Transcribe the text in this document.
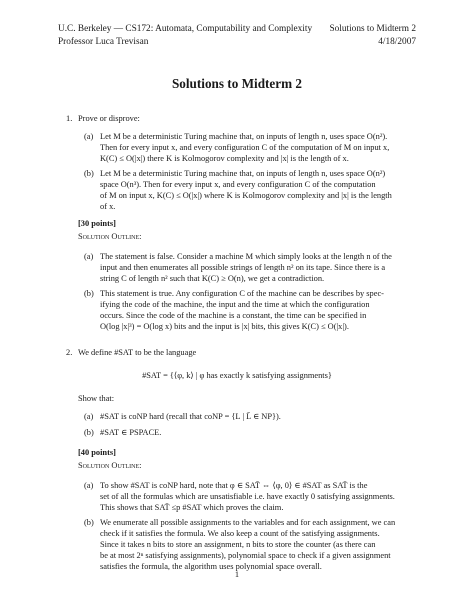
U.C. Berkeley — CS172: Automata, Computability and Complexity
Professor Luca Trevisan
Solutions to Midterm 2
4/18/2007
Solutions to Midterm 2
1. Prove or disprove:
(a) Let M be a deterministic Turing machine that, on inputs of length n, uses space O(n²).
Then for every input x, and every configuration C of the computation of M on input x,
K(C) ≤ O(|x|) there K is Kolmogorov complexity and |x| is the length of x.
(b) Let M be a deterministic Turing machine that, on inputs of length n, uses space O(n²)
space O(n³). Then for every input x, and every configuration C of the computation
of M on input x, K(C) ≤ O(|x|) where K is Kolmogorov complexity and |x| is the length
of x.
[30 points]
Solution Outline:
(a) The statement is false. Consider a machine M which simply looks at the length n of the
input and then enumerates all possible strings of length n² on its tape. Since there is a
string C of length n² such that K(C) ≥ O(n), we get a contradiction.
(b) This statement is true. Any configuration C of the machine can be describes by spec-
ifying the code of the machine, the input and the time at which the configuration
occurs. Since the code of the machine is a constant, the time can be specified in
O(log |x|³) = O(log x) bits and the input is |x| bits, this gives K(C) ≤ O(|x|).
2. We define #SAT to be the language
#SAT = {⟨φ, k⟩ | φ has exactly k satisfying assignments}
Show that:
(a) #SAT is coNP hard (recall that coNP = {L | L̄ ∈ NP}).
(b) #SAT ∈ PSPACE.
[40 points]
Solution Outline:
(a) To show #SAT is coNP hard, note that φ ∈ SAT̄ ⇔ ⟨φ, 0⟩ ∈ #SAT as SAT̄ is the
set of all the formulas which are unsatisfiable i.e. have exactly 0 satisfying assignments.
This shows that SAT̄ ≤p #SAT which proves the claim.
(b) We enumerate all possible assignments to the variables and for each assignment, we can
check if it satisfies the formula. We also keep a count of the satisfying assignments.
Since it takes n bits to store an assignment, n bits to store the counter (as there can
be at most 2ⁿ satisfying assignments), polynomial space to check if a given assignment
satisfies the formula, the algorithm uses polynomial space overall.
1
